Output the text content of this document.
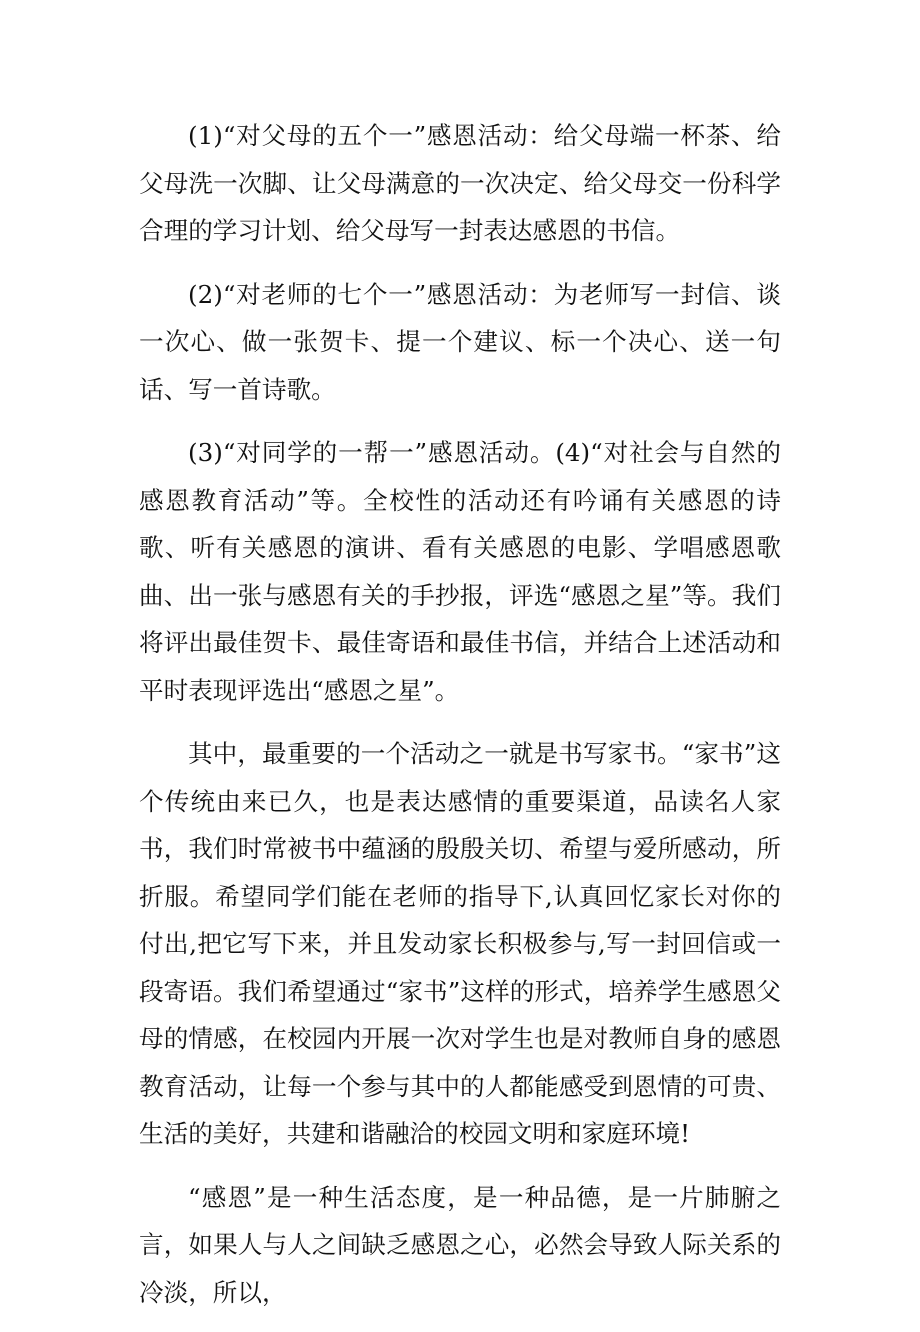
(1)“对父母的五个一”感恩活动：给父母端一杯茶、给父母洗一次脚、让父母满意的一次决定、给父母交一份科学合理的学习计划、给父母写一封表达感恩的书信。

(2)“对老师的七个一”感恩活动：为老师写一封信、谈一次心、做一张贺卡、提一个建议、标一个决心、送一句话、写一首诗歌。

(3)“对同学的一帮一”感恩活动。(4)“对社会与自然的感恩教育活动”等。全校性的活动还有吟诵有关感恩的诗歌、听有关感恩的演讲、看有关感恩的电影、学唱感恩歌曲、出一张与感恩有关的手抄报，评选“感恩之星”等。我们将评出最佳贺卡、最佳寄语和最佳书信，并结合上述活动和平时表现评选出“感恩之星”。

其中，最重要的一个活动之一就是书写家书。“家书”这个传统由来已久，也是表达感情的重要渠道，品读名人家书，我们时常被书中蕴涵的殷殷关切、希望与爱所感动，所折服。希望同学们能在老师的指导下,认真回忆家长对你的付出,把它写下来，并且发动家长积极参与,写一封回信或一段寄语。我们希望通过“家书”这样的形式，培养学生感恩父母的情感，在校园内开展一次对学生也是对教师自身的感恩教育活动，让每一个参与其中的人都能感受到恩情的可贵、生活的美好，共建和谐融洽的校园文明和家庭环境!

“感恩”是一种生活态度，是一种品德，是一片肺腑之言，如果人与人之间缺乏感恩之心，必然会导致人际关系的冷淡，所以，
